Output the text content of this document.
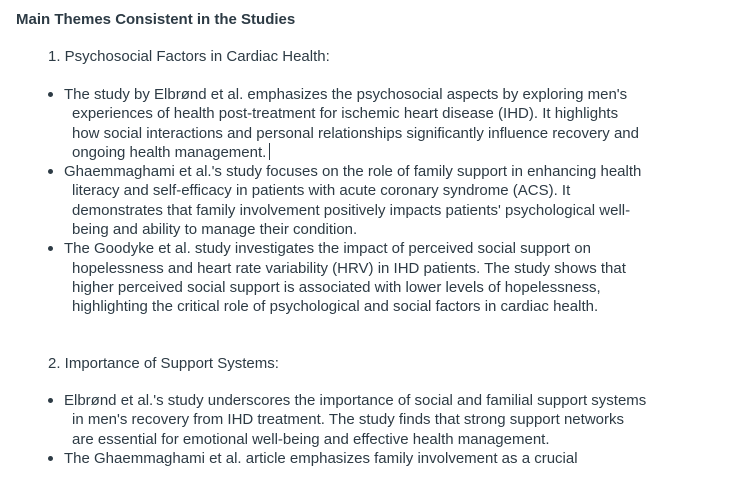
Main Themes Consistent in the Studies
1. Psychosocial Factors in Cardiac Health:
The study by Elbrønd et al. emphasizes the psychosocial aspects by exploring men's experiences of health post-treatment for ischemic heart disease (IHD). It highlights how social interactions and personal relationships significantly influence recovery and ongoing health management.
Ghaemmaghami et al.'s study focuses on the role of family support in enhancing health literacy and self-efficacy in patients with acute coronary syndrome (ACS). It demonstrates that family involvement positively impacts patients' psychological well-being and ability to manage their condition.
The Goodyke et al. study investigates the impact of perceived social support on hopelessness and heart rate variability (HRV) in IHD patients. The study shows that higher perceived social support is associated with lower levels of hopelessness, highlighting the critical role of psychological and social factors in cardiac health.
2. Importance of Support Systems:
Elbrønd et al.'s study underscores the importance of social and familial support systems in men's recovery from IHD treatment. The study finds that strong support networks are essential for emotional well-being and effective health management.
The Ghaemmaghami et al. article emphasizes family involvement as a crucial
